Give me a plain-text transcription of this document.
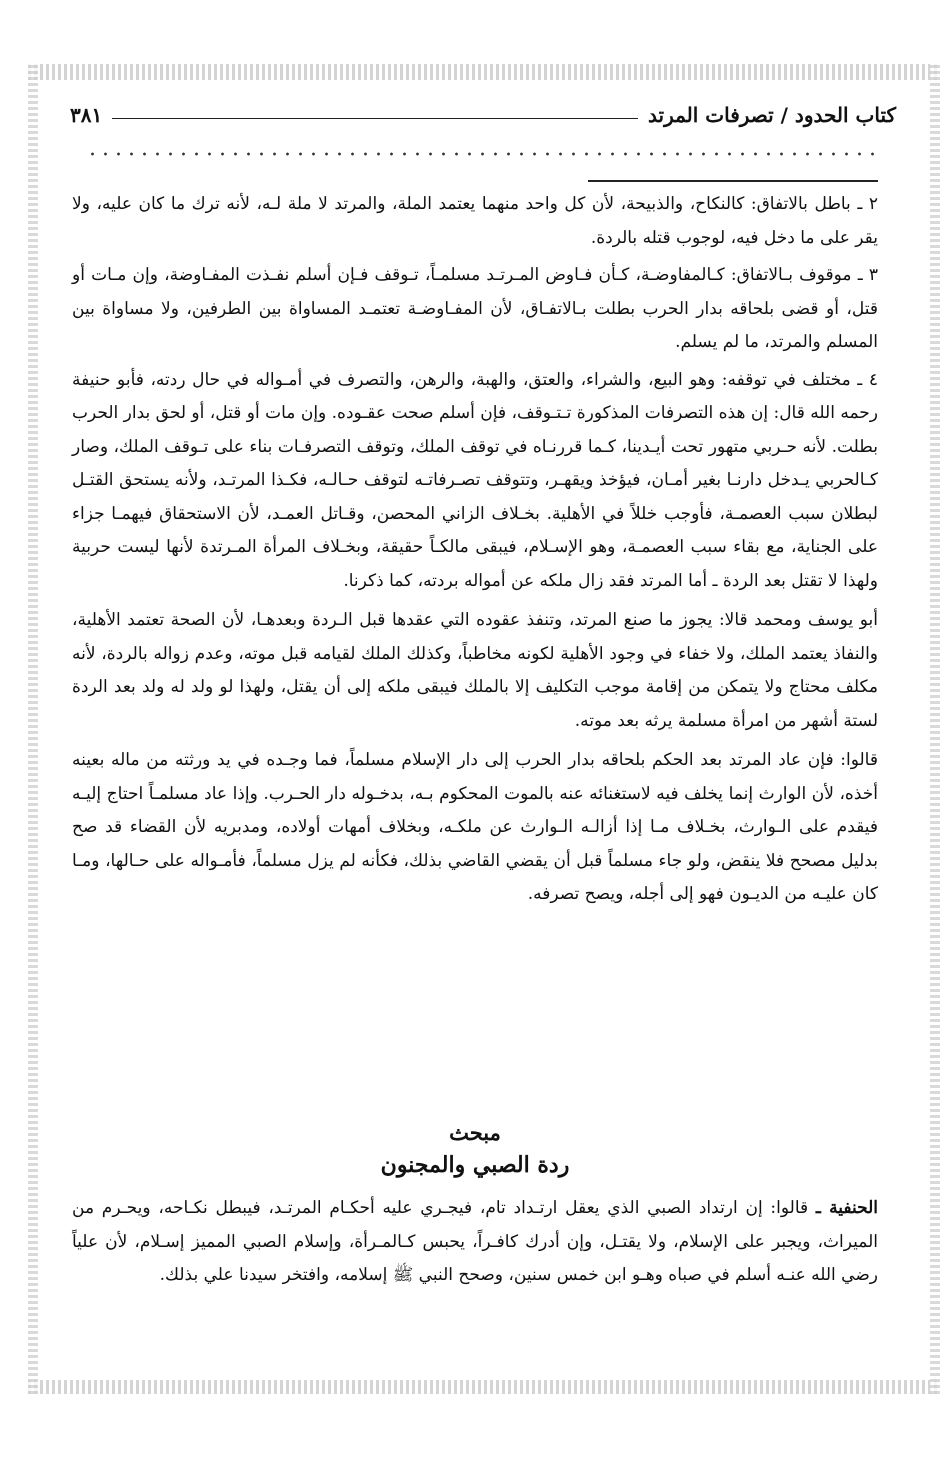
كتاب الحدود / تصرفات المرتد
٣٨١

٢ ـ باطل بالاتفاق: كالنكاح، والذبيحة، لأن كل واحد منهما يعتمد الملة، والمرتد لا ملة لـه، لأنه ترك ما كان عليه، ولا يقر على ما دخل فيه، لوجوب قتله بالردة.

٣ ـ موقوف بـالاتفاق: كـالمفاوضـة، كـأن فـاوض المـرتـد مسلمـاً، تـوقف فـإن أسلم نفـذت المفـاوضة، وإن مـات أو قتل، أو قضى بلحاقه بدار الحرب بطلت بـالاتفـاق، لأن المفـاوضـة تعتمـد المساواة بين الطرفين، ولا مساواة بين المسلم والمرتد، ما لم يسلم.

٤ ـ مختلف في توقفه: وهو البيع، والشراء، والعتق، والهبة، والرهن، والتصرف في أمـواله في حال ردته، فأبو حنيفة رحمه الله قال: إن هذه التصرفات المذكورة تـتـوقف، فإن أسلم صحت عقـوده. وإن مات أو قتل، أو لحق بدار الحرب بطلت. لأنه حـربي متهور تحت أيـدينا، كـما قررنـاه في توقف الملك، وتوقف التصرفـات بناء على تـوقف الملك، وصار كـالحربي يـدخل دارنـا بغير أمـان، فيؤخذ ويقهـر، وتتوقف تصـرفاتـه لتوقف حـالـه، فكـذا المرتـد، ولأنه يستحق القتـل لبطلان سبب العصمـة، فأوجب خللاً في الأهلية. بخـلاف الزاني المحصن، وقـاتل العمـد، لأن الاستحقاق فيهمـا جزاء على الجناية، مع بقاء سبب العصمـة، وهو الإسـلام، فيبقى مالكـاً حقيقة، وبخـلاف المرأة المـرتدة لأنها ليست حربية ولهذا لا تقتل بعد الردة ـ أما المرتد فقد زال ملكه عن أمواله بردته، كما ذكرنا.

أبو يوسف ومحمد قالا: يجوز ما صنع المرتد، وتنفذ عقوده التي عقدها قبل الـردة وبعدهـا، لأن الصحة تعتمد الأهلية، والنفاذ يعتمد الملك، ولا خفاء في وجود الأهلية لكونه مخاطباً، وكذلك الملك لقيامه قبل موته، وعدم زواله بالردة، لأنه مكلف محتاج ولا يتمكن من إقامة موجب التكليف إلا بالملك فيبقى ملكه إلى أن يقتل، ولهذا لو ولد له ولد بعد الردة لستة أشهر من امرأة مسلمة يرثه بعد موته.

قالوا: فإن عاد المرتد بعد الحكم بلحاقه بدار الحرب إلى دار الإسلام مسلماً، فما وجـده في يد ورثته من ماله بعينه أخذه، لأن الوارث إنما يخلف فيه لاستغنائه عنه بالموت المحكوم بـه، بدخـوله دار الحـرب. وإذا عاد مسلمـاً احتاج إليـه فيقدم على الـوارث، بخـلاف مـا إذا أزالـه الـوارث عن ملكـه، وبخلاف أمهات أولاده، ومدبريه لأن القضاء قد صح بدليل مصحح فلا ينقض، ولو جاء مسلماً قبل أن يقضي القاضي بذلك، فكأنه لم يزل مسلماً، فأمـواله على حـالها، ومـا كان عليـه من الديـون فهو إلى أجله، ويصح تصرفه.

مبحث
ردة الصبي والمجنون
الحنفية ـ قالوا: إن ارتداد الصبي الذي يعقل ارتـداد تام، فيجـري عليه أحكـام المرتـد، فيبطل نكـاحه، ويحـرم من الميراث، ويجبر على الإسلام، ولا يقتـل، وإن أدرك كافـراً، يحبس كـالمـرأة، وإسلام الصبي المميز إسـلام، لأن علياً رضي الله عنـه أسلم في صباه وهـو ابن خمس سنين، وصحح النبي ﷺ إسلامه، وافتخر سيدنا علي بذلك.
